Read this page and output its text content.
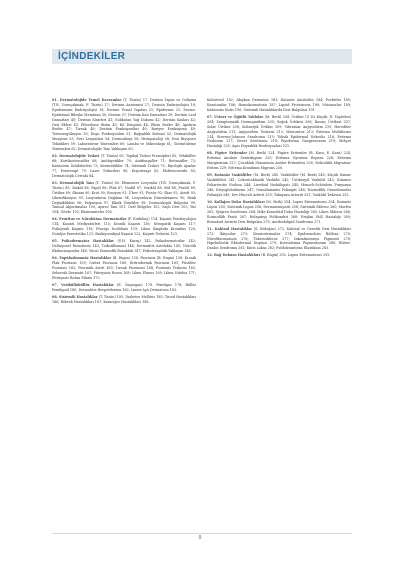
İÇİNDEKİLER

01. Dermatolojide Temel Kavramlar (T. Tüzün) 17. Derinin Yapısı ve Gelişimi (T.R. Uzunçakmak, F. Tüzün) 17; Derinin Anatomisi 17; Derinin Embriyolojisi 18; Epidermisin Embriyolojisi 18; Derinin Temel Yapıları 21; Epidermis 21; Dermo-Epidermal Bileşke Membran 30; Dermis 37; Derinin Kan Damarları 39; Derinin Lenf Damarları 40; Derinin Sinirleri 41; Subkutan Yağ Dokusu 42; Derinin Kasları 42; Deri Ekleri 43; Pilosebase Birim 43; Kıl Döngüsü 44; Ekrin Bezler 46; Apokrin Bezler 47; Tırnak 48; Derinin Fonksiyonları 49; Bariyer Fonksiyonu 49; Termoregülasyon 50; Duyu Fonksiyonları 51; Bağışıklık Sistemi 52; Dermatolojik Muayene 53; Deri Lezyonları 54; Dermoskopi 56; Histopatoloji 58; Deri Biyopsisi Teknikleri 59; Laboratuvar Yöntemleri 60; Lamba ve Mikroskopi 61; Görüntüleme Yöntemleri 62; Dermatolojide Tanı Yaklaşımı 63.

02. Dermatolojide Tedavi (T. Tüzün) 65. Topikal Tedavi Prensipleri 65; Vehiküller 66; Kortikosteroidler 68; Antibiyotikler 70; Antifungaller 71; Retinoidler 72; Kalsinörin İnhibitörleri 73; Keratolitikler 74; Sistemik Tedavi 75; Biyolojik Ajanlar 77; Fototerapi 79; Lazer Tedavileri 80; Kriyoterapi 82; Elektrocerrahi 83; Dermatolojik Cerrahi 84.

03. Dermatolojik Tanı (T. Tüzün) 85. Elementer Lezyonlar (T.R. Uzunçakmak, F. Tüzün) 85; Makül 86; Papül 86; Plak 87; Nodül 87; Vezikül 88; Bül 88; Püstül 89; Ürtiker 89; Skuam 90; Krut 90; Erozyon 91; Ülser 91; Fissür 92; Skar 92; Atrofi 93; Likenifikasyon 93; Lezyonların Dağılımı 94; Lezyonların Düzenlenmesi 95; Renk Değişiklikleri 96; Palpasyon 97; Klinik Örnekler 98; Dermoskopik Bulgular 99; Tanısal Algoritmalar 100; Ayırıcı Tanı 101; Özel Bölgeler 102; Saçlı Deri 103; Yüz 104; Gövde 105; Ekstremiteler 106.

04. Pruritus ve Nörokütan Dermatozlar (F. Kutlubay) 114. Kaşıntı Patofizyolojisi 114; Kaşıntı Mediyatörleri 115; Kronik Kaşıntı 116; Nöropatik Kaşıntı 117; Psikojenik Kaşıntı 118; Prurigo Nodülaris 119; Liken Simpleks Kronikus 120; Notaljia Parestetika 121; Brakiyoradiyal Kaşıntı 122; Kaşıntı Tedavisi 123.

05. Psikodermatoz Hastalıklar (S.H. Karaş) 142. Psikodermatozlar 142; Delüzyonel Parazitozis 143; Trikotillomani 144; Dermatitis Artefakta 145; Nörotik Ekskoriasyonlar 146; Vücut Dismorfik Bozukluk 147; Psikoterapötik Yaklaşım 148.

06. Papüloskuamöz Hastalıklar (B. Engin) 158. Psoriasis (B. Engin) 158; Kronik Plak Psoriasis 159; Guttat Psoriasis 160; Eritrodermik Psoriasis 161; Püstüler Psoriasis 162; Psoriatik Artrit 163; Tırnak Psoriasisi 164; Psoriasis Tedavisi 165; Seboreik Dermatit 167; Pitiriyazis Rozea 168; Liken Planus 169; Liken Nitidus 171; Pitiriyazis Rubra Pilaris 172.

07. Veziküllobüllöz Hastalıklar (E. Özyazgan) 178. Pemfigus 178; Büllöz Pemfigoid 180; Dermatitis Herpetiformis 182; Lineer IgA Dermatozu 183.

08. Sistemik Hastalıklar (T. Tüzün) 185. Diabetes Mellitus 185; Tiroid Hastalıkları 186; Böbrek Hastalıkları 187; Karaciğer Hastalıkları 188.

Kolesterol 182; Akışkan Dermatoz 183; Kutanöz Amiloidoz 184; Porfiriler 185; Ksantomlar 186; Hemokromatozis 187; Lipoid Proteinozis 188; Müsinozlar 189; Kalsinozis Kutis 190; Sistemik Hastalıklarda Deri Bulguları 191.

07. Üriner ve Öğütlü Tablolar (M. Berk) 204. Ürtiker (U Zu Küçük, N. Taşdelen) 204; Semptomatik Dermografizm 205; Soğuk Ürtikeri 206; Basınç Ürtikeri 207; Solar Ürtiker 208; Kolinerjik Ürtiker 209; Vibratuar Anjiyoödem 210; Herediter Anjiyoödem 211; Anjiyoödem Tedavisi 212; Mastositoz 213; Eritema Multiforme 214; Stevens-Johnson Sendromu 215; Toksik Epidermal Nekroliz 216; Eritema Nodozum 217; Sweet Sendromu 218; Piyoderma Gangrenozum 219; Behçet Hastalığı 220; Aşırı Duyarlılık Reaksiyonları 221.

08. Figüre Eritemler (M. Berk) 224. Figüre Eritemler (B. Kara, E. Kara) 224; Eritema Anulare Sentrifugum 225; Eritema Gyratum Repens 226; Eritema Marginatum 227; Çocukluk Döneminin Anüler Eritemleri 228; Nekrolitik Migratuar Eritem 229; Eritema Kronikum Migrans 230.

09. Kutanöz Vaskülitler (M. Berk) 240. Vaskülitler (M. Berk) 240; Küçük Damar Vaskülitleri 241; Lökositoklastik Vaskülit 242; Ürtikeryal Vaskülit 243; Kutanöz Poliarteritis Nodoza 244; Livedoid Vaskülopati 245; Henoch-Schönlein Purpurası 246; Kriyoglobulinemi 247; Granülomatöz Polianjiit 248; Eozinofilik Granülomatöz Polianjiit 249; Dev Hücreli Arterit 250; Takayasu Arteriti 251; Vaskülit Tedavisi 252.

10. Kollajen Doku Hastalıkları (M. Berk) 254. Lupus Eritematozus 254; Kutanöz Lupus 255; Sistemik Lupus 256; Dermatomiyozit 258; Sistemik Skleroz 260; Morfea 262; Sjögren Sendromu 264; Miks Konnektif Doku Hastalığı 265; Liken Skleroz 266; Eozinofilik Fasiit 267; Relapsing Polikondrit 268; Erişkin Still Hastalığı 269; Romatoid Artritte Deri Bulguları 270; Antifosfolipid Sendromu 271.

11. Kalıtsal Hastalıklar (S. Erdoğan) 272. Kalıtsal ve Genetik Deri Hastalıkları 272; İktiyozlar 273; Keratodermalar 274; Epidermolizis Bülloza 275; Nörofibromatozis 276; Tüberoskleroz 277; İnkontinensiya Pigmenti 278; Hipohidrotik Ektodermal Displazi 279; Kseroderma Pigmentozum 280; Ehlers-Danlos Sendromu 281; Kutis Laksa 282; Psödoksantoma Elastikum 283.

12. Bağ Dokusu Hastalıkları (B. Engin) 292. Lupus Eritematozus 292.

9
